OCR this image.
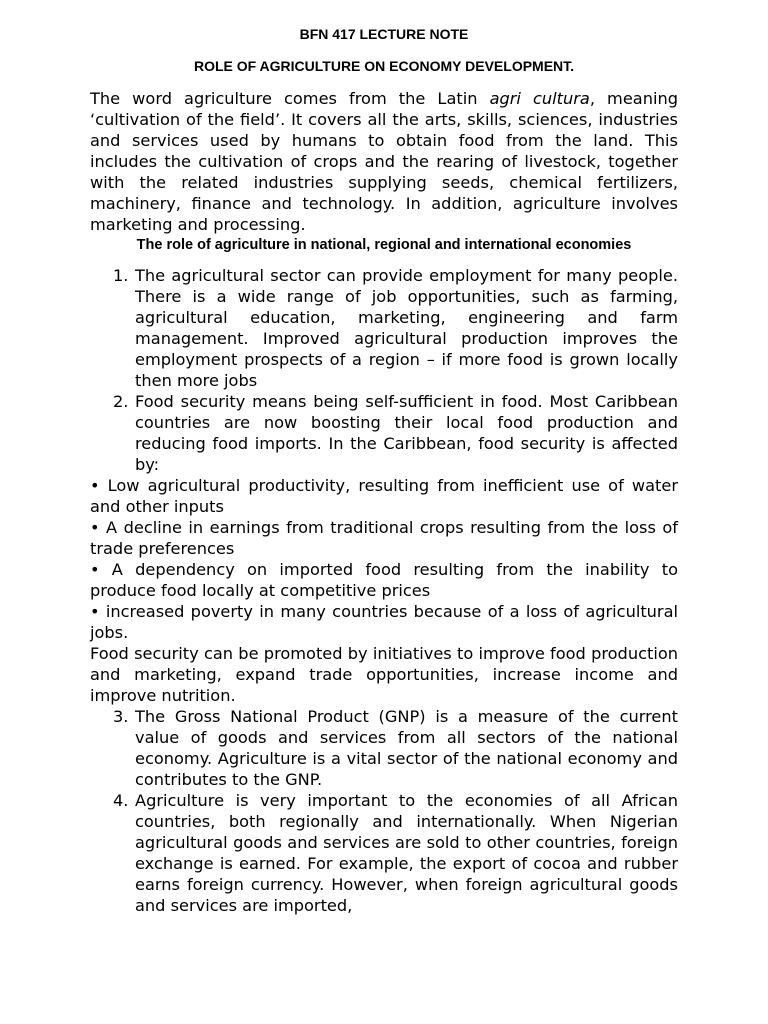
BFN 417 LECTURE NOTE

ROLE OF AGRICULTURE ON ECONOMY DEVELOPMENT.

The word agriculture comes from the Latin agri cultura, meaning ‘cultivation of the field’. It covers all the arts, skills, sciences, industries and services used by humans to obtain food from the land. This includes the cultivation of crops and the rearing of livestock, together with the related industries supplying seeds, chemical fertilizers, machinery, finance and technology. In addition, agriculture involves marketing and processing.

The role of agriculture in national, regional and international economies

1. The agricultural sector can provide employment for many people. There is a wide range of job opportunities, such as farming, agricultural education, marketing, engineering and farm management. Improved agricultural production improves the employment prospects of a region – if more food is grown locally then more jobs
2. Food security means being self-sufficient in food. Most Caribbean countries are now boosting their local food production and reducing food imports. In the Caribbean, food security is affected by:

• Low agricultural productivity, resulting from inefficient use of water and other inputs

• A decline in earnings from traditional crops resulting from the loss of trade preferences

• A dependency on imported food resulting from the inability to produce food locally at competitive prices

• increased poverty in many countries because of a loss of agricultural jobs.

Food security can be promoted by initiatives to improve food production and marketing, expand trade opportunities, increase income and improve nutrition.

3. The Gross National Product (GNP) is a measure of the current value of goods and services from all sectors of the national economy. Agriculture is a vital sector of the national economy and contributes to the GNP.
4. Agriculture is very important to the economies of all African countries, both regionally and internationally. When Nigerian agricultural goods and services are sold to other countries, foreign exchange is earned. For example, the export of cocoa and rubber earns foreign currency. However, when foreign agricultural goods and services are imported,
